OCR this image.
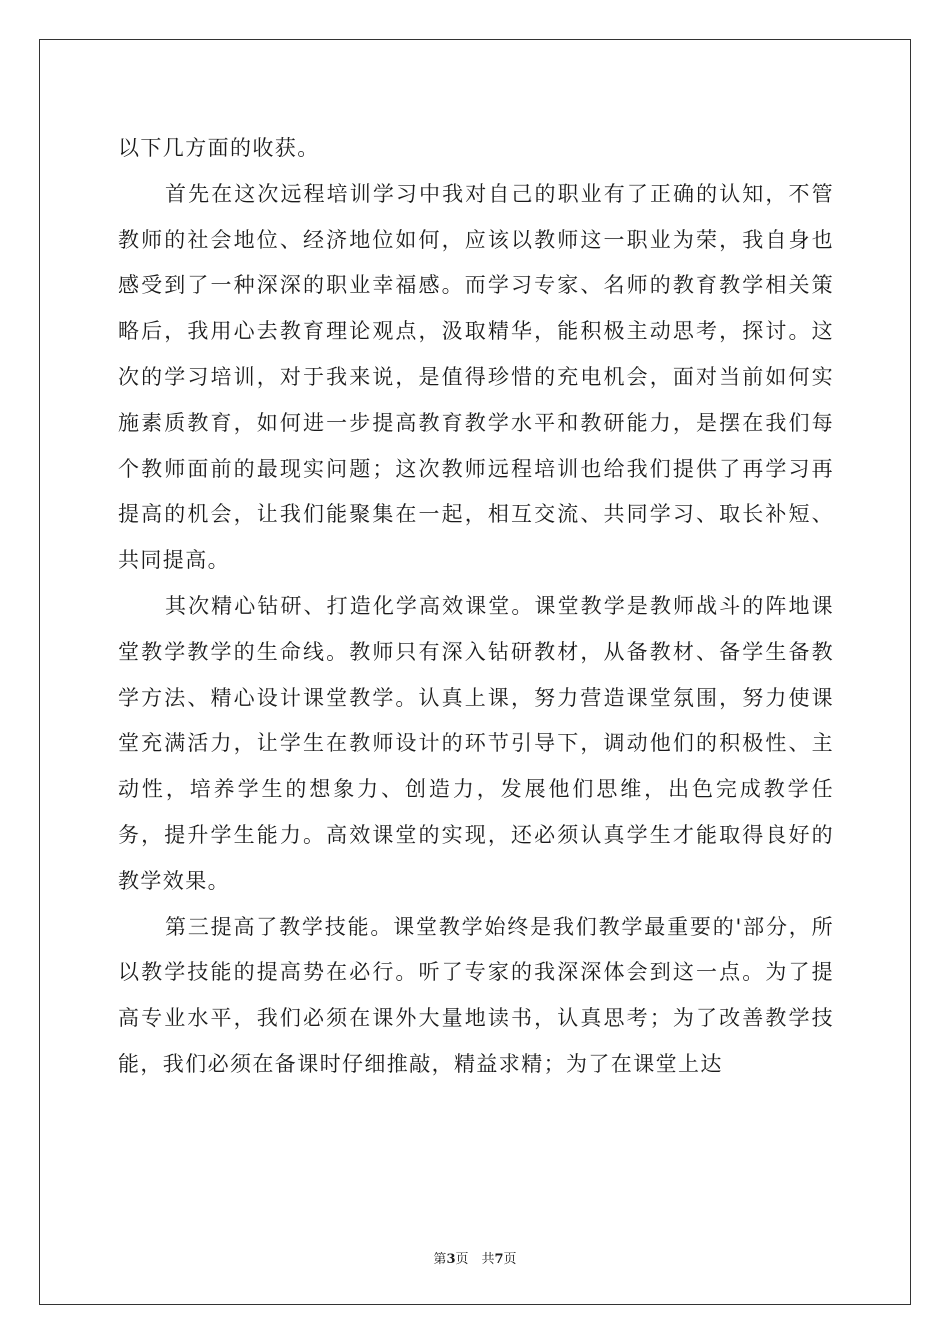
以下几方面的收获。

首先在这次远程培训学习中我对自己的职业有了正确的认知，不管教师的社会地位、经济地位如何，应该以教师这一职业为荣，我自身也感受到了一种深深的职业幸福感。而学习专家、名师的教育教学相关策略后，我用心去教育理论观点，汲取精华，能积极主动思考，探讨。这次的学习培训，对于我来说，是值得珍惜的充电机会，面对当前如何实施素质教育，如何进一步提高教育教学水平和教研能力，是摆在我们每个教师面前的最现实问题；这次教师远程培训也给我们提供了再学习再提高的机会，让我们能聚集在一起，相互交流、共同学习、取长补短、共同提高。

其次精心钻研、打造化学高效课堂。课堂教学是教师战斗的阵地课堂教学教学的生命线。教师只有深入钻研教材，从备教材、备学生备教学方法、精心设计课堂教学。认真上课，努力营造课堂氛围，努力使课堂充满活力，让学生在教师设计的环节引导下，调动他们的积极性、主动性，培养学生的想象力、创造力，发展他们思维，出色完成教学任务，提升学生能力。高效课堂的实现，还必须认真学生才能取得良好的教学效果。

第三提高了教学技能。课堂教学始终是我们教学最重要的'部分，所以教学技能的提高势在必行。听了专家的我深深体会到这一点。为了提高专业水平，我们必须在课外大量地读书，认真思考；为了改善教学技能，我们必须在备课时仔细推敲，精益求精；为了在课堂上达

第3页　共7页
